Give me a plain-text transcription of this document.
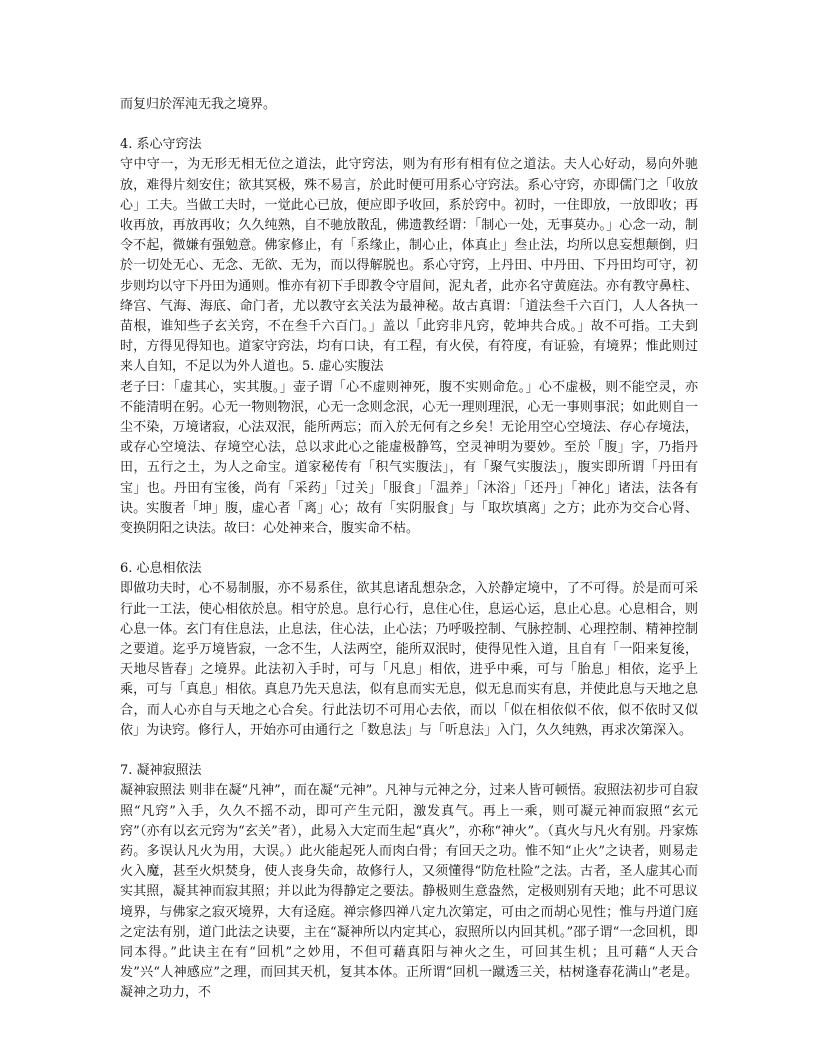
而复归於浑沌无我之境界。

4. 系心守窍法

守中守一，为无形无相无位之道法，此守窍法，则为有形有相有位之道法。夫人心好动，易向外驰放，难得片刻安住；欲其冥极，殊不易言，於此时便可用系心守窍法。系心守窍，亦即儒门之「收放心」工夫。当做工夫时，一觉此心已放，便应即予收回，系於窍中。初时，一住即放，一放即收；再收再放，再放再收；久久纯熟，自不驰放散乱，佛遗教经谓：「制心一处，无事莫办。」心念一动，制令不起，微嫌有强勉意。佛家修止，有「系缘止，制心止，体真止」叁止法，均所以息妄想颠倒，归於一切处无心、无念、无欲、无为，而以得解脱也。系心守窍，上丹田、中丹田、下丹田均可守，初步则均以守下丹田为通则。惟亦有初下手即教令守眉间，泥丸者，此亦名守黄庭法。亦有教守鼻柱、绛宫、气海、海底、命门者，尤以教守玄关法为最神秘。故古真谓：「道法叁千六百门，人人各执一苗根，谁知些子玄关窍，不在叁千六百门。」盖以「此窍非凡窍，乾坤共合成。」故不可指。工夫到时，方得见得知也。道家守窍法，均有口诀，有工程，有火侯，有符度，有证验，有境界；惟此则过来人自知，不足以为外人道也。5. 虚心实腹法

老子曰：「虚其心，实其腹。」壶子谓「心不虚则神死，腹不实则命危。」心不虚极，则不能空灵，亦不能清明在躬。心无一物则物泯，心无一念则念泯，心无一理则理泯，心无一事则事泯；如此则自一尘不染，万境诸寂，心法双泯，能所两忘；而入於无何有之乡矣！无论用空心空境法、存心存境法，或存心空境法、存境空心法，总以求此心之能虚极静笃，空灵神明为要妙。至於「腹」字，乃指丹田，五行之土，为人之命宝。道家秘传有「积气实腹法」，有「聚气实腹法」，腹实即所谓「丹田有宝」也。丹田有宝後，尚有「采药」「过关」「服食」「温养」「沐浴」「还丹」「神化」诸法，法各有诀。实腹者「坤」腹，虚心者「离」心；故有「实阴服食」与「取坎填离」之方；此亦为交合心肾、变换阴阳之诀法。故曰：心处神来合，腹实命不枯。

6. 心息相依法

即做功夫时，心不易制服，亦不易系住，欲其息诸乱想杂念，入於静定境中，了不可得。於是而可采行此一工法，使心相依於息。相守於息。息行心行，息住心住，息运心运，息止心息。心息相合，则心息一体。玄门有住息法，止息法，住心法，止心法；乃呼吸控制、气脉控制、心理控制、精神控制之要道。迄乎万境皆寂，一念不生，人法两空，能所双泯时，使得见性入道，且自有「一阳来复後，天地尽皆春」之境界。此法初入手时，可与「凡息」相依，进乎中乘，可与「胎息」相依，迄乎上乘，可与「真息」相依。真息乃先天息法，似有息而实无息，似无息而实有息，并使此息与天地之息合，而人心亦自与天地之心合矣。行此法切不可用心去依，而以「似在相依似不依，似不依时又似依」为诀窍。修行人，开始亦可由通行之「数息法」与「听息法」入门，久久纯熟，再求次第深入。

7. 凝神寂照法

凝神寂照法 则非在凝“凡神”，而在凝“元神”。凡神与元神之分，过来人皆可顿悟。寂照法初步可自寂照“凡窍”入手，久久不摇不动，即可产生元阳，激发真气。再上一乘，则可凝元神而寂照“玄元窍”（亦有以玄元窍为“玄关”者），此易入大定而生起“真火”，亦称“神火”。（真火与凡火有别。丹家炼药。多误认凡火为用，大误。）此火能起死人而肉白骨；有回天之功。惟不知“止火”之诀者，则易走火入魔，甚至火炽焚身，使人丧身失命，故修行人，又须懂得“防危杜险”之法。古者，圣人虚其心而实其照，凝其神而寂其照；并以此为得静定之要法。静极则生意盎然，定极则别有天地；此不可思议境界，与佛家之寂灭境界，大有迳庭。禅宗修四禅八定九次第定，可由之而胡心见性；惟与丹道门庭之定法有别，道门此法之诀要，主在“凝神所以内定其心，寂照所以内回其机。”邵子谓“一念回机，即同本得。”此诀主在有“回机”之妙用，不但可藉真阳与神火之生，可回其生机；且可藉“人天合发”兴“人神感应”之理，而回其天机，复其本体。正所谓“回机一蹴透三关，枯树逢春花满山”老是。凝神之功力，不
